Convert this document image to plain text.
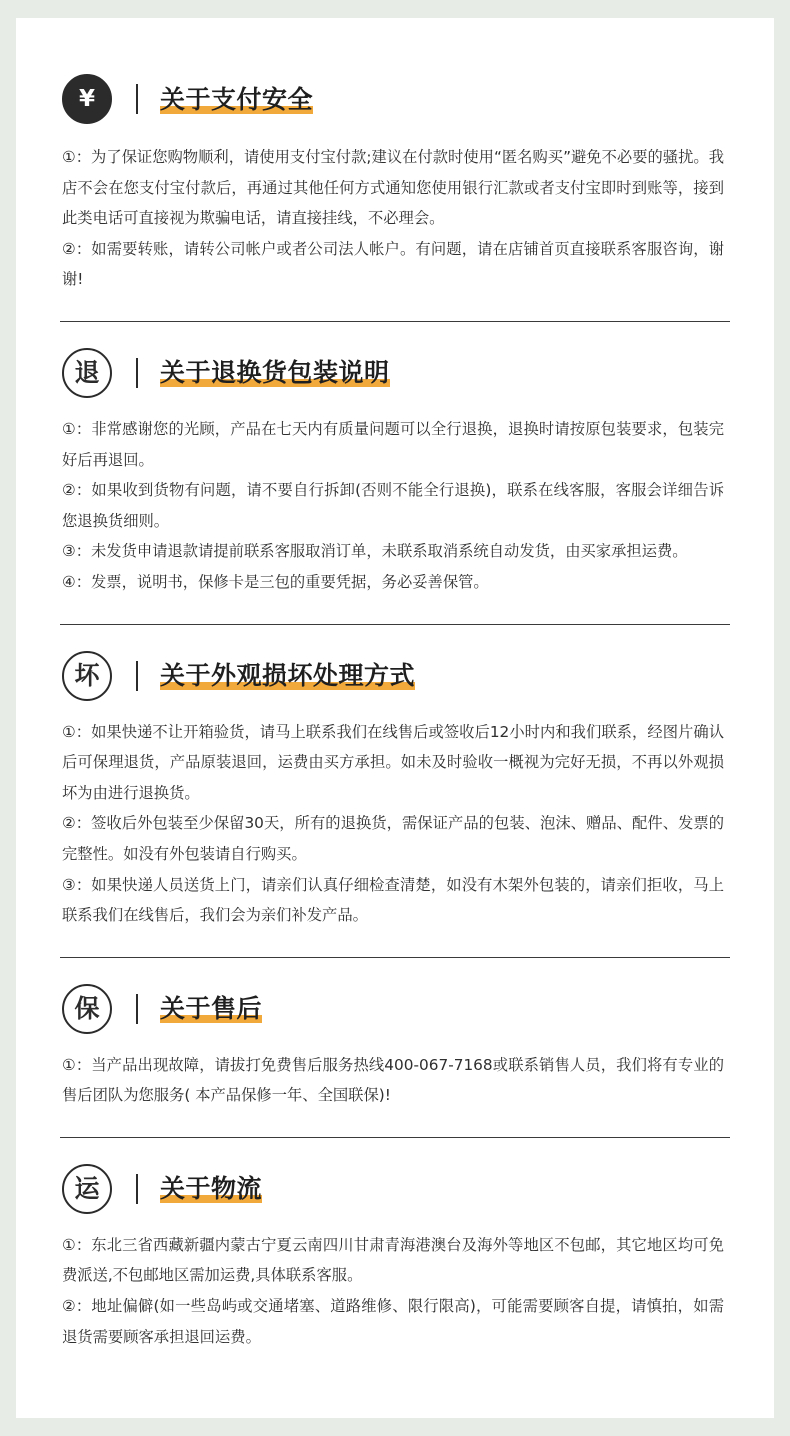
¥	关于支付安全
①：为了保证您购物顺利，请使用支付宝付款;建议在付款时使用“匿名购买”避免不必要的骚扰。我店不会在您支付宝付款后，再通过其他任何方式通知您使用银行汇款或者支付宝即时到账等，接到此类电话可直接视为欺骗电话，请直接挂线，不必理会。
②：如需要转账，请转公司帐户或者公司法人帐户。有问题，请在店铺首页直接联系客服咨询，谢谢!
退 关于退换货包装说明
①：非常感谢您的光顾，产品在七天内有质量问题可以全行退换，退换时请按原包装要求，包装完好后再退回。
②：如果收到货物有问题，请不要自行拆卸(否则不能全行退换)，联系在线客服，客服会详细告诉您退换货细则。
③：未发货申请退款请提前联系客服取消订单，未联系取消系统自动发货，由买家承担运费。
④：发票，说明书，保修卡是三包的重要凭据，务必妥善保管。
坏 关于外观损坏处理方式
①：如果快递不让开箱验货，请马上联系我们在线售后或签收后12小时内和我们联系，经图片确认后可保理退货，产品原装退回，运费由买方承担。如未及时验收一概视为完好无损，不再以外观损坏为由进行退换货。
②：签收后外包装至少保留30天，所有的退换货，需保证产品的包装、泡沫、赠品、配件、发票的完整性。如没有外包装请自行购买。
③：如果快递人员送货上门，请亲们认真仔细检查清楚，如没有木架外包装的，请亲们拒收，马上联系我们在线售后，我们会为亲们补发产品。
保 关于售后
①：当产品出现故障，请拔打免费售后服务热线400-067-7168或联系销售人员，我们将有专业的售后团队为您服务( 本产品保修一年、全国联保)!
运 关于物流
①：东北三省西藏新疆内蒙古宁夏云南四川甘肃青海港澳台及海外等地区不包邮，其它地区均可免费派送,不包邮地区需加运费,具体联系客服。
②：地址偏僻(如一些岛屿或交通堵塞、道路维修、限行限高)，可能需要顾客自提，请慎拍，如需退货需要顾客承担退回运费。
